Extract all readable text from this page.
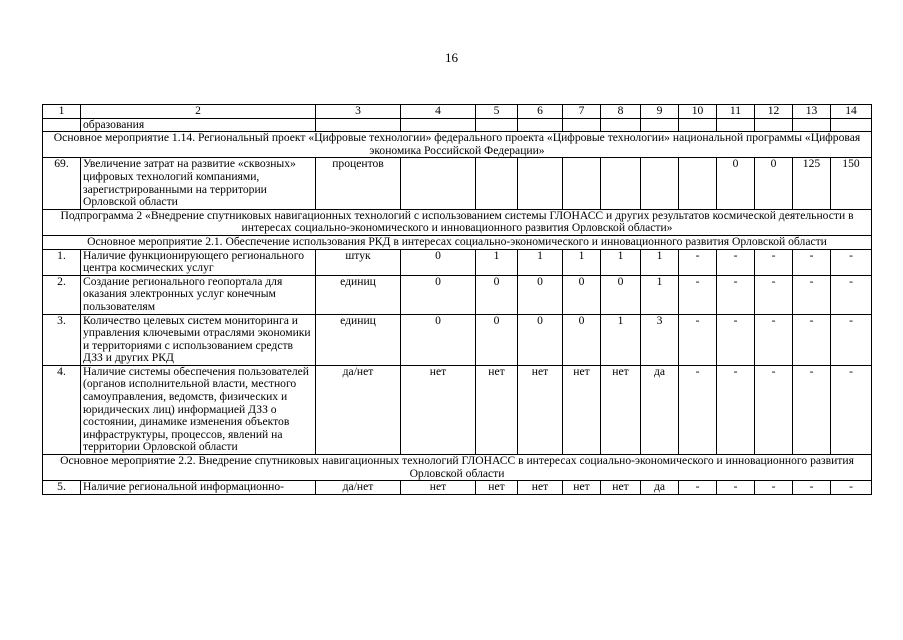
16
1	2	3	4	5	6	7	8	9	10	11	12	13	14
	образования												
Основное мероприятие 1.14. Региональный проект «Цифровые технологии» федерального проекта «Цифровые технологии» национальной программы «Цифровая экономика Российской Федерации»													
69.	Увеличение затрат на развитие «сквозных» цифровых технологий компаниями, зарегистрированными на территории Орловской области	процентов								0	0	125	150
Подпрограмма 2 «Внедрение спутниковых навигационных технологий с использованием системы ГЛОНАСС и других результатов космической деятельности в интересах социально-экономического и инновационного развития Орловской области»													
Основное мероприятие 2.1. Обеспечение использования РКД в интересах социально-экономического и инновационного развития Орловской области													
1.	Наличие функционирующего регионального центра космических услуг	штук	0	1	1	1	1	1	-	-	-	-	-
2.	Создание регионального геопортала для оказания электронных услуг конечным пользователям	единиц	0	0	0	0	0	1	-	-	-	-	-
3.	Количество целевых систем мониторинга и управления ключевыми отраслями экономики и территориями с использованием средств ДЗЗ и других РКД	единиц	0	0	0	0	1	3	-	-	-	-	-
4.	Наличие системы обеспечения пользователей (органов исполнительной власти, местного самоуправления, ведомств, физических и юридических лиц) информацией ДЗЗ о состоянии, динамике изменения объектов инфраструктуры, процессов, явлений на территории Орловской области	да/нет	нет	нет	нет	нет	нет	да	-	-	-	-	-
Основное мероприятие 2.2. Внедрение спутниковых навигационных технологий ГЛОНАСС в интересах социально-экономического и инновационного развития Орловской области													
5.	Наличие региональной информационно-	да/нет	нет	нет	нет	нет	нет	да	-	-	-	-	-
